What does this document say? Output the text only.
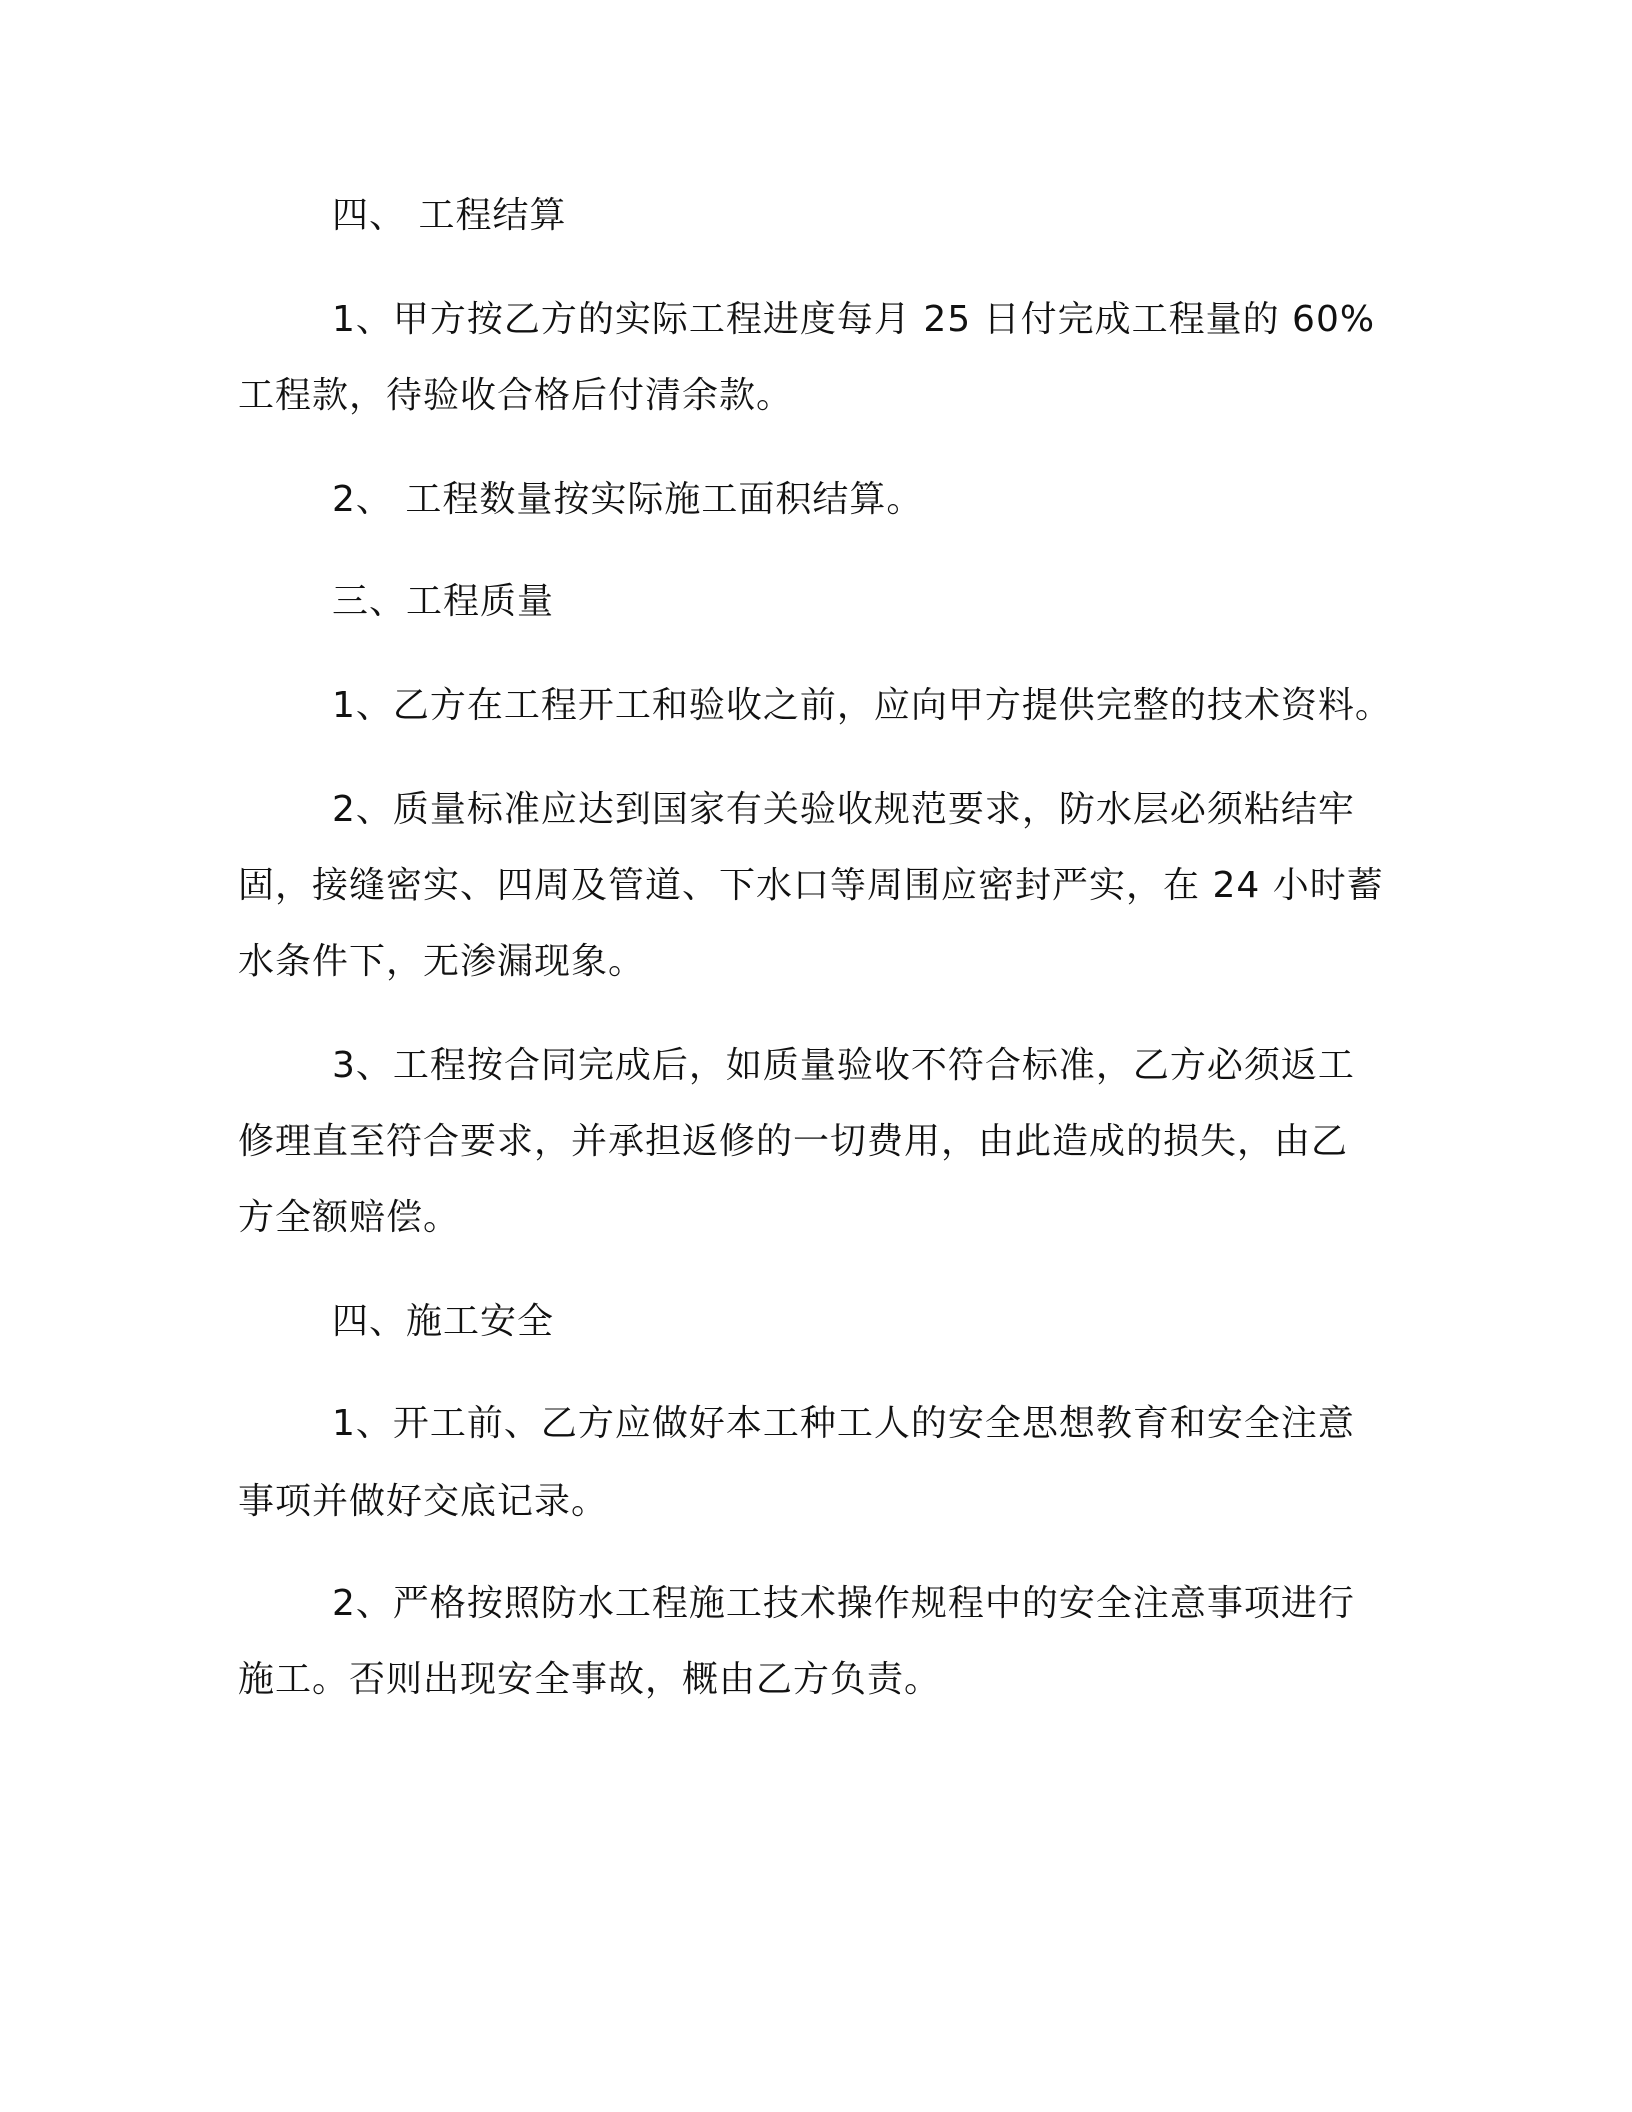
四、 工程结算
1、甲方按乙方的实际工程进度每月 25 日付完成工程量的 60%
工程款，待验收合格后付清余款。
2、 工程数量按实际施工面积结算。
三、工程质量
1、乙方在工程开工和验收之前，应向甲方提供完整的技术资料。
2、质量标准应达到国家有关验收规范要求，防水层必须粘结牢
固，接缝密实、四周及管道、下水口等周围应密封严实，在 24 小时蓄
水条件下，无渗漏现象。
3、工程按合同完成后，如质量验收不符合标准，乙方必须返工
修理直至符合要求，并承担返修的一切费用，由此造成的损失，由乙
方全额赔偿。
四、施工安全
1、开工前、乙方应做好本工种工人的安全思想教育和安全注意
事项并做好交底记录。
2、严格按照防水工程施工技术操作规程中的安全注意事项进行
施工。否则出现安全事故，概由乙方负责。
